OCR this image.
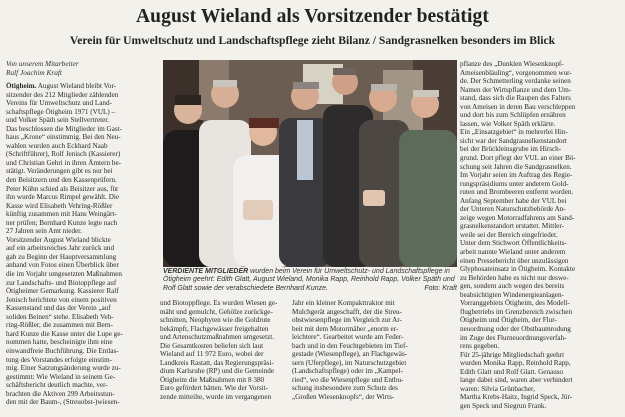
August Wieland als Vorsitzender bestätigt
Verein für Umweltschutz und Landschaftspflege zieht Bilanz / Sandgrasnelken besonders im Blick
Von unserem Mitarbeiter
Ralf Joachim Kraft
Ötigheim. August Wieland bleibt Vor-
sitzender des 212 Mitglieder zählenden
Vereins für Umweltschutz und Land-
schaftspflege Ötigheim 1971 (VUL) –
und Volker Späth sein Stellvertreter.
Das beschlossen die Mitglieder im Gast-
haus „Krone“ einstimmig. Bei den Neu-
wahlen wurden auch Eckhard Naab
(Schriftführer), Rolf Jenisch (Kassierer)
und Christian Gehri in ihren Ämtern be-
stätigt. Veränderungen gibt es nur bei
den Beisitzern und den Kassenprüfern.
Peter Kühn schied als Beisitzer aus, für
ihn wurde Marcus Rimpel gewählt. Die
Kasse wird Elisabeth Vehring-Rößler
künftig zusammen mit Hans Weingärt-
ner prüfen; Bernhard Kunze legte nach
27 Jahren sein Amt nieder.
Vorsitzender August Wieland blickte
auf ein arbeitsreiches Jahr zurück und
gab zu Beginn der Hauptversammlung
anhand von Fotos einen Überblick über
die im Vorjahr umgesetzten Maßnahmen
zur Landschafts- und Biotoppflege auf
Ötigheimer Gemarkung. Kassierer Ralf
Jenisch berichtete von einem positiven
Kassenstand und das der Verein „auf
soliden Beinen“ stehe. Elisabeth Veh-
ring-Rößler, die zusammen mit Bern-
hard Kunze die Kasse unter die Lupe ge-
nommen hatte, bescheinigte ihm eine
einwandfreie Buchführung. Die Entlas-
tung des Vorstandes erfolgte einstim-
mig. Einer Satzungsänderung wurde zu-
gestimmt: Wie Wieland in seinem Ge-
schäftsbericht deutlich machte, ver-
brachten die Aktiven 299 Arbeitsstun-
den mit der Baum-, (Streuobst-)wiesen-
VERDIENTE MITGLIEDER wurden beim Verein für Umweltschutz- und Landschaftspflege in Ötigheim geehrt: Edith Glatt, August Wieland, Monika Rapp, Reinhold Rapp, Volker Späth und Rolf Glatt sowie der verabschiedete Bernhard Kunze.	Foto: Kraft
und Biotoppflege. Es wurden Wiesen ge-
mäht und gemulcht, Gehölze zurückge-
schnitten, Neophyten wie die Goldrute
bekämpft, Flachgewässer freigehalten
und Artenschutzmaßnahmen umgesetzt.
Die Gesamtkosten beliefen sich laut
Wieland auf 11 972 Euro, wobei der
Landkreis Rastatt, das Regierungspräsi-
dium Karlsruhe (RP) und die Gemeinde
Ötigheim die Maßnahmen mit 8 380
Euro gefördert hätten. Wie der Vorsit-
zende mitteilte, wurde im vergangenen
Jahr ein kleiner Kompakttraktor mit
Mulchgerät angeschafft, der die Streu-
obstwiesenpflege im Vergleich zur Ar-
beit mit dem Motormäher „enorm er-
leichtere“. Gearbeitet wurde am Feder-
bach und in den Feuchtgebieten im Tief-
gestade (Wiesenpflege), an Flachgewäs-
sern (Uferpflege), im Naturschutzgebiet
(Landschaftspflege) oder im „Kampel-
ried“, wo die Wiesenpflege und Entbu-
schung insbesondere zum Schutz des
„Großen Wiesenknopfs“, der Wirts-
pflanze des „Dunklen Wiesenknopf-
Ameisenbläuling“, vorgenommen wur-
de. Der Schmetterling verdanke seinen
Namen der Wirtspflanze und dem Um-
stand, dass sich die Raupen des Falters
von Ameisen in deren Bau verschleppen
und dort bis zum Schlüpfen ernähren
lassen, wie Volker Späth erklärte.
Ein „Einsatzgebiet“ in mehrerlei Hin-
sicht war der Sandgrasnelkenstandort
bei der Brückleinsgrube im Hirsch-
grund. Dort pflegt der VUL an einer Bö-
schung seit Jahren die Sandgrasnelken.
Im Vorjahr seien im Auftrag des Regie-
rungspräsidiums unter anderem Gold-
ruten und Brombeeren entfernt worden.
Anfang September habe der VUL bei
der Unteren Naturschutzbehörde An-
zeige wegen Motorradfahrens am Sand-
grasnelkenstandort erstattet. Mittler-
weile sei der Bereich eingefriedet.
Unter dem Stichwort Öffentlichkeits-
arbeit nannte Wieland unter anderem
einen Pressebericht über unzulässigen
Glyphosateinsatz in Ötigheim. Kontakte
zu Behörden habe es nicht nur deswe-
gen, sondern auch wegen des bereits
beabsichtigten Windenergieanlagen-
Vorranggebiets Ötigheim, des Modell-
flugbetriebs im Grenzbereich zwischen
Ötigheim und Ötigheim, der Flur-
neuordnung oder der Obstbaumrodung
im Zuge des Flurneuordnungsverfah-
rens gegeben.
Für 25-jährige Mitgliedschaft geehrt
wurden Monika Rapp, Reinhold Rapp,
Edith Glatt und Rolf Glatt. Genauso
lange dabei sind, waren aber verhindert
waren: Silvia Grünbacher,
Martha Krebs-Haitz, Ingrid Speck, Jür-
gen Speck und Siegrun Frank.
